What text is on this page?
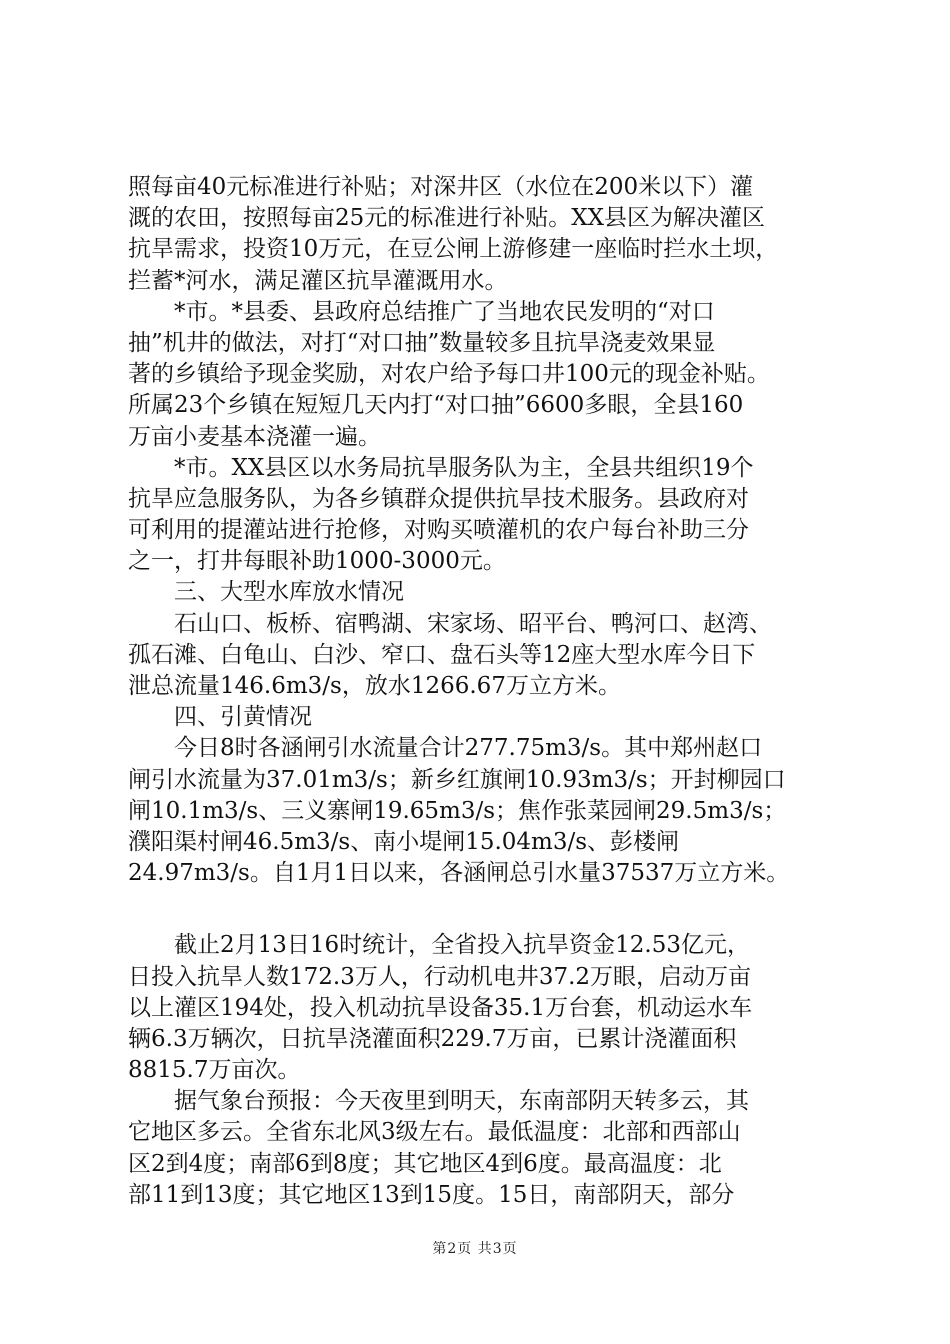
照每亩40元标准进行补贴；对深井区（水位在200米以下）灌
溉的农田，按照每亩25元的标准进行补贴。XX县区为解决灌区
抗旱需求，投资10万元，在豆公闸上游修建一座临时拦水土坝，
拦蓄*河水，满足灌区抗旱灌溉用水。
　　*市。*县委、县政府总结推广了当地农民发明的“对口
抽”机井的做法，对打“对口抽”数量较多且抗旱浇麦效果显
著的乡镇给予现金奖励，对农户给予每口井100元的现金补贴。
所属23个乡镇在短短几天内打“对口抽”6600多眼，全县160
万亩小麦基本浇灌一遍。
　　*市。XX县区以水务局抗旱服务队为主，全县共组织19个
抗旱应急服务队，为各乡镇群众提供抗旱技术服务。县政府对
可利用的提灌站进行抢修，对购买喷灌机的农户每台补助三分
之一，打井每眼补助1000-3000元。
　　三、大型水库放水情况
　　石山口、板桥、宿鸭湖、宋家场、昭平台、鸭河口、赵湾、
孤石滩、白龟山、白沙、窄口、盘石头等12座大型水库今日下
泄总流量146.6m3/s，放水1266.67万立方米。
　　四、引黄情况
　　今日8时各涵闸引水流量合计277.75m3/s。其中郑州赵口
闸引水流量为37.01m3/s；新乡红旗闸10.93m3/s；开封柳园口
闸10.1m3/s、三义寨闸19.65m3/s；焦作张菜园闸29.5m3/s；
濮阳渠村闸46.5m3/s、南小堤闸15.04m3/s、彭楼闸
24.97m3/s。自1月1日以来，各涵闸总引水量37537万立方米。
　　截止2月13日16时统计，全省投入抗旱资金12.53亿元，
日投入抗旱人数172.3万人，行动机电井37.2万眼，启动万亩
以上灌区194处，投入机动抗旱设备35.1万台套，机动运水车
辆6.3万辆次，日抗旱浇灌面积229.7万亩，已累计浇灌面积
8815.7万亩次。
　　据气象台预报：今天夜里到明天，东南部阴天转多云，其
它地区多云。全省东北风3级左右。最低温度：北部和西部山
区2到4度；南部6到8度；其它地区4到6度。最高温度：北
部11到13度；其它地区13到15度。15日，南部阴天，部分
第2页 共3页
